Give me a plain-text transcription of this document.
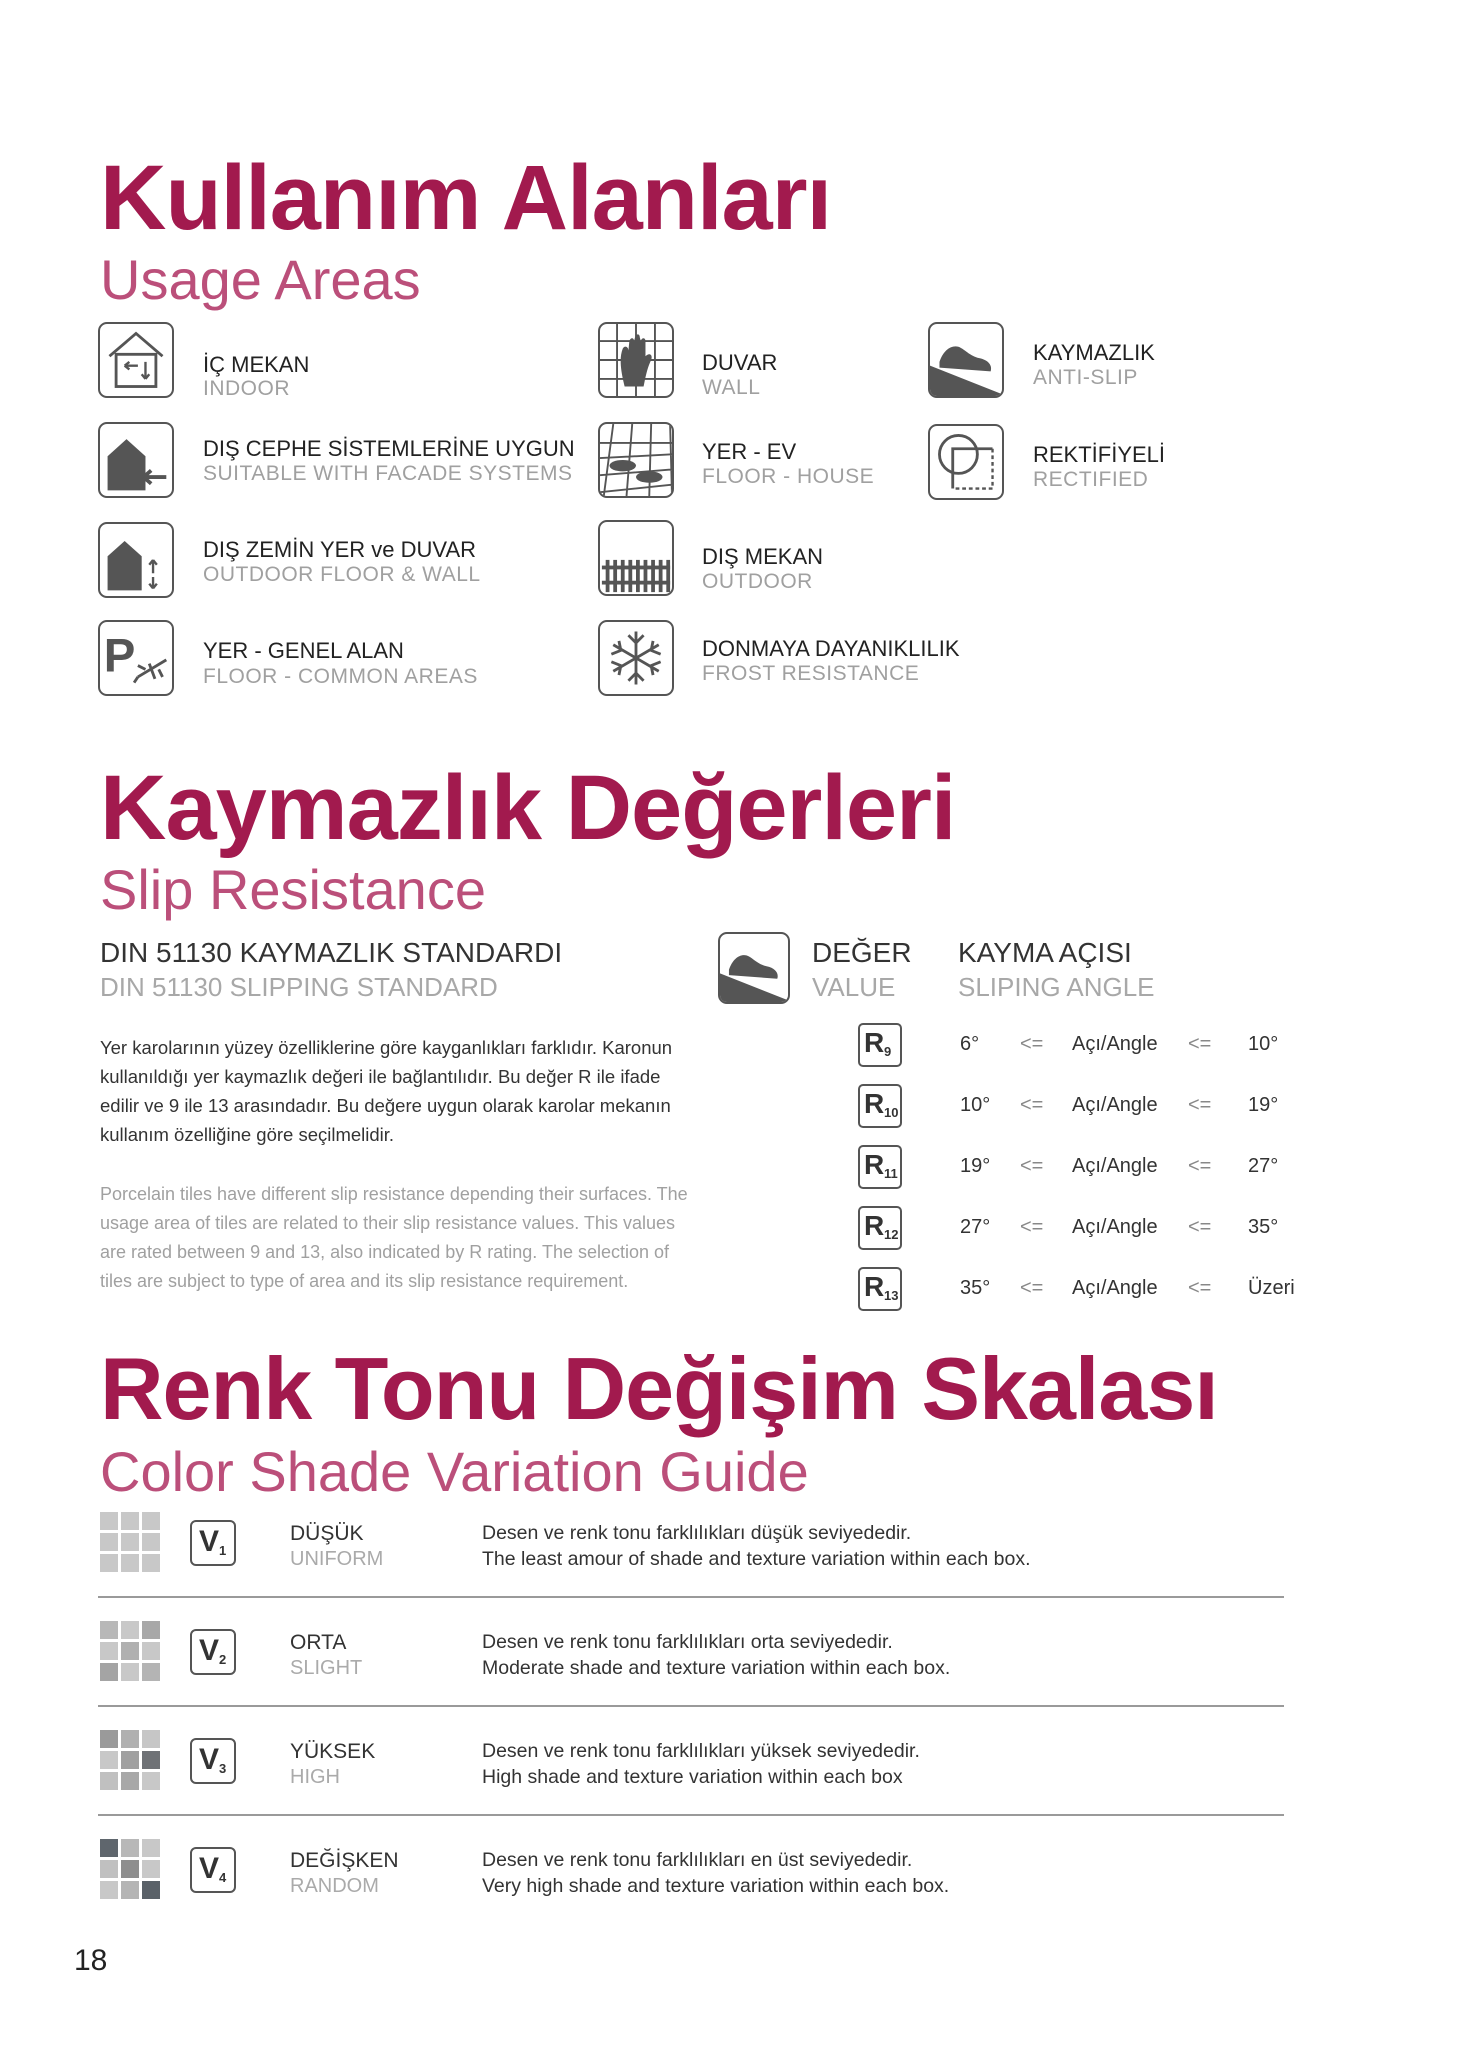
Kullanım Alanları
Usage Areas
İÇ MEKAN
INDOOR
DIŞ CEPHE SİSTEMLERİNE UYGUN
SUITABLE WITH FACADE SYSTEMS
DIŞ ZEMİN YER ve DUVAR
OUTDOOR FLOOR & WALL
P	YER - GENEL ALAN
FLOOR - COMMON AREAS
DUVAR
WALL
YER - EV
FLOOR - HOUSE
DIŞ MEKAN
OUTDOOR
DONMAYA DAYANIKLILIK
FROST RESISTANCE
KAYMAZLIK
ANTI-SLIP
REKTİFİYELİ
RECTIFIED
Kaymazlık Değerleri
Slip Resistance
DIN 51130 KAYMAZLIK STANDARDI
DIN 51130 SLIPPING STANDARD
Yer karolarının yüzey özelliklerine göre kayganlıkları farklıdır. Karonun kullanıldığı yer kaymazlık değeri ile bağlantılıdır. Bu değer R ile ifade edilir ve 9 ile 13 arasındadır. Bu değere uygun olarak karolar mekanın kullanım özelliğine göre seçilmelidir.
Porcelain tiles have different slip resistance depending their surfaces. The usage area of tiles are related to their slip resistance values. This values are rated between 9 and 13, also indicated by R rating. The selection of tiles are subject to type of area and its slip resistance requirement.
DEĞER
VALUE
KAYMA AÇISI
SLIPING ANGLE
R 9	6° <= Açı/Angle <= 10°
R 10	10° <= Açı/Angle <= 19°
R 11	19° <= Açı/Angle <= 27°
R 12	27° <= Açı/Angle <= 35°
R 13	35° <= Açı/Angle <= Üzeri
Renk Tonu Değişim Skalası
Color Shade Variation Guide
V 1
DÜŞÜK
UNIFORM
Desen ve renk tonu farklılıkları düşük seviyededir.
The least amour of shade and texture variation within each box.
V 2
ORTA
SLIGHT
Desen ve renk tonu farklılıkları orta seviyededir.
Moderate shade and texture variation within each box.
V 3
YÜKSEK
HIGH
Desen ve renk tonu farklılıkları yüksek seviyededir.
High shade and texture variation within each box
V 4
DEĞİŞKEN
RANDOM
Desen ve renk tonu farklılıkları en üst seviyededir.
Very high shade and texture variation within each box.
18
